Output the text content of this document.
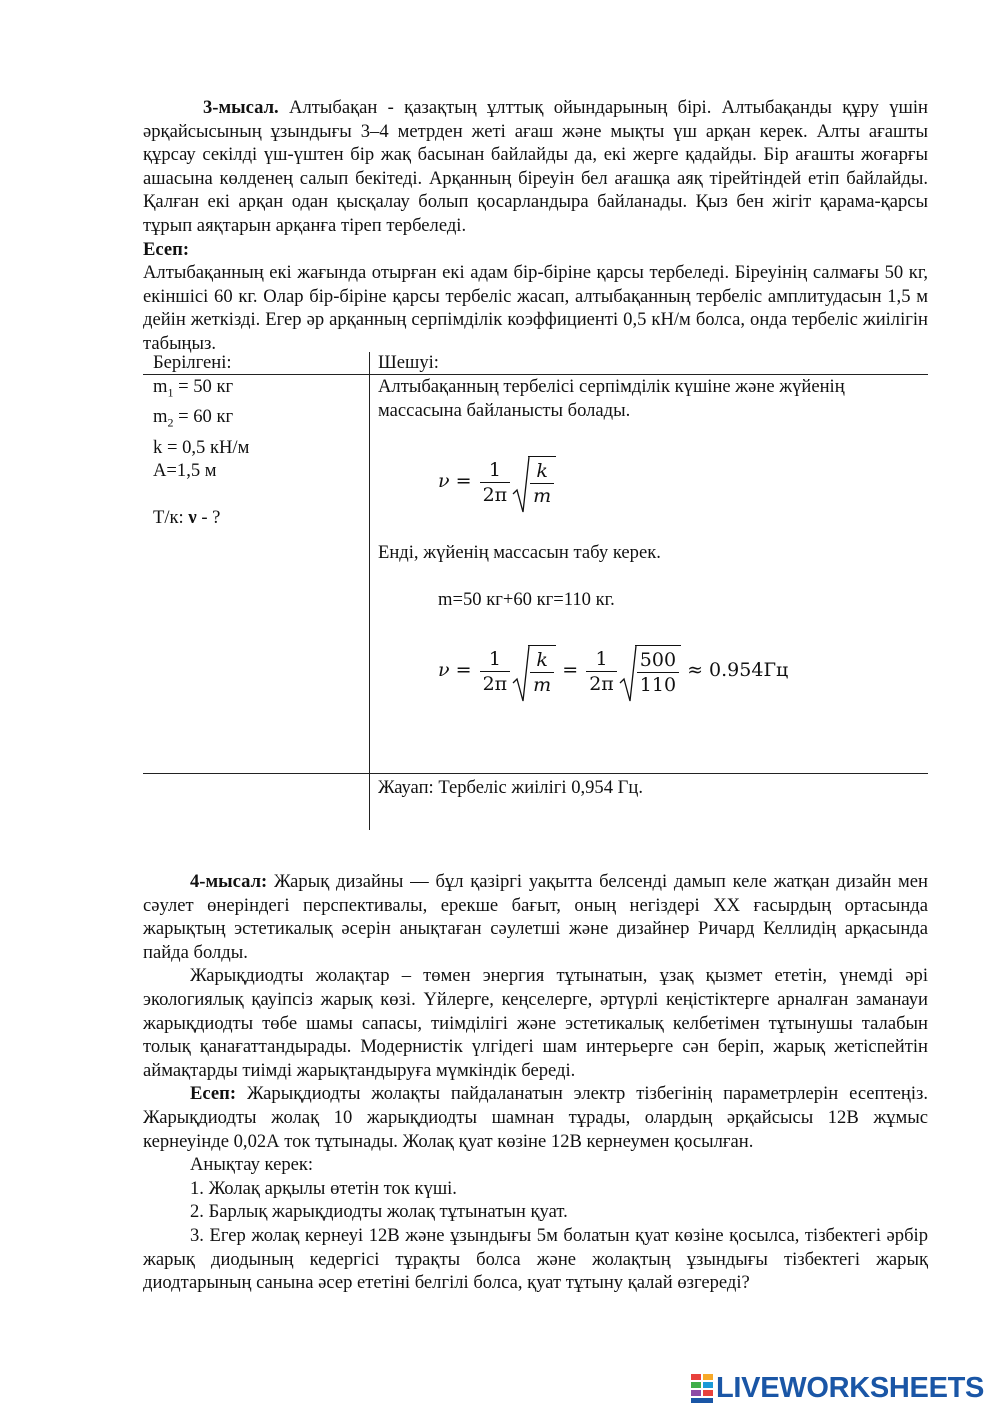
3-мысал. Алтыбақан - қазақтың ұлттық ойындарының бірі. Алтыбақанды құру үшін әрқайсысының ұзындығы 3–4 метрден жеті ағаш және мықты үш арқан керек. Алты ағашты құрсау секілді үш-үштен бір жақ басынан байлайды да, екі жерге қадайды. Бір ағашты жоғарғы ашасына көлденең салып бекітеді. Арқанның біреуін бел ағашқа аяқ тірейтіндей етіп байлайды. Қалған екі арқан одан қысқалау болып қосарландыра байланады. Қыз бен жігіт қарама-қарсы тұрып аяқтарын арқанға тіреп тербеледі.

Есеп:

Алтыбақанның екі жағында отырған екі адам бір-біріне қарсы тербеледі. Біреуінің салмағы 50 кг, екіншісі 60 кг. Олар бір-біріне қарсы тербеліс жасап, алтыбақанның тербеліс амплитудасын 1,5 м дейін жеткізді. Егер әр арқанның серпімділік коэффициенті 0,5 кН/м болса, онда тербеліс жиілігін табыңыз.

Берілгені:	Шешуі:
$m_1 = 50$ кг
$m_2 = 60$ кг
k = 0,5 кН/м
А=1,5 м

Т/к: ν - ?
Алтыбақанның тербелісі серпімділік күшіне және жүйенің массасына байланысты болады.
$\nu = \frac{1}{2\pi} \frac{k}{m}$
Енді, жүйенің массасын табу керек.
m=50 кг+60 кг=110 кг.
$\nu = \frac{1}{2\pi} \frac{k}{m} = \frac{1}{2\pi} \frac{500}{110} \approx 0.954Гц$
Жауап: Тербеліс жиілігі 0,954 Гц.

4-мысал: Жарық дизайны — бұл қазіргі уақытта белсенді дамып келе жатқан дизайн мен сәулет өнеріндегі перспективалы, ерекше бағыт, оның негіздері XX ғасырдың ортасында жарықтың эстетикалық әсерін анықтаған сәулетші және дизайнер Ричард Келлидің арқасында пайда болды.

Жарықдиодты жолақтар – төмен энергия тұтынатын, ұзақ қызмет ететін, үнемді әрі экологиялық қауіпсіз жарық көзі. Үйлерге, кеңселерге, әртүрлі кеңістіктерге арналған заманауи жарықдиодты төбе шамы сапасы, тиімділігі және эстетикалық келбетімен тұтынушы талабын толық қанағаттандырады. Модернистік үлгідегі шам интерьерге сән беріп, жарық жетіспейтін аймақтарды тиімді жарықтандыруға мүмкіндік береді.

Есеп: Жарықдиодты жолақты пайдаланатын электр тізбегінің параметрлерін есептеңіз. Жарықдиодты жолақ 10 жарықдиодты шамнан тұрады, олардың әрқайсысы 12В жұмыс кернеуінде 0,02А ток тұтынады. Жолақ қуат көзіне 12В кернеумен қосылған.

Анықтау керек:

1. Жолақ арқылы өтетін ток күші.

2. Барлық жарықдиодты жолақ тұтынатын қуат.

3. Егер жолақ кернеуі 12В және ұзындығы 5м болатын қуат көзіне қосылса, тізбектегі әрбір жарық диодының кедергісі тұрақты болса және жолақтың ұзындығы тізбектегі жарық диодтарының санына әсер ететіні белгілі болса, қуат тұтыну қалай өзгереді?

LIVEWORKSHEETS
